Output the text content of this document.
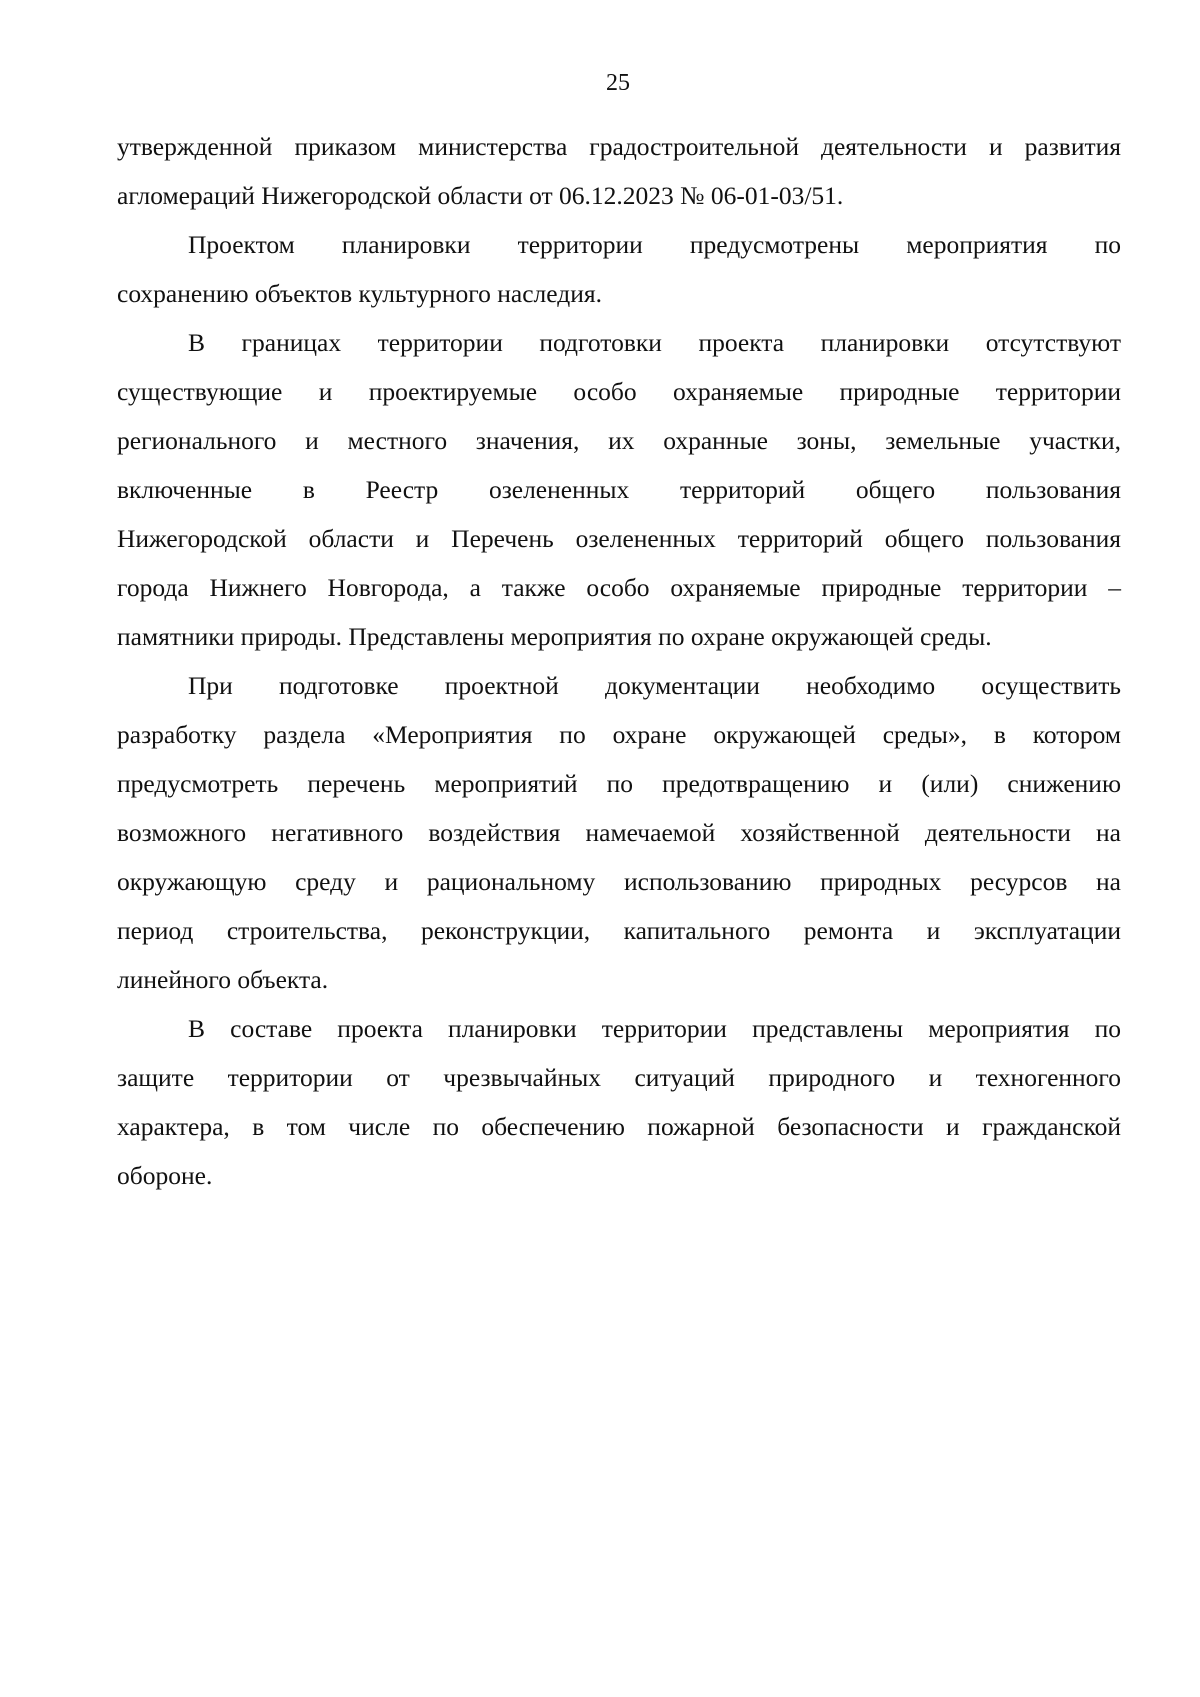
25
утвержденной приказом министерства градостроительной деятельности и развития
агломераций Нижегородской области от 06.12.2023 № 06-01-03/51.
Проектом планировки территории предусмотрены мероприятия по
сохранению объектов культурного наследия.
В границах территории подготовки проекта планировки отсутствуют
существующие и проектируемые особо охраняемые природные территории
регионального и местного значения, их охранные зоны, земельные участки,
включенные в Реестр озелененных территорий общего пользования
Нижегородской области и Перечень озелененных территорий общего пользования
города Нижнего Новгорода, а также особо охраняемые природные территории –
памятники природы. Представлены мероприятия по охране окружающей среды.
При подготовке проектной документации необходимо осуществить
разработку раздела «Мероприятия по охране окружающей среды», в котором
предусмотреть перечень мероприятий по предотвращению и (или) снижению
возможного негативного воздействия намечаемой хозяйственной деятельности на
окружающую среду и рациональному использованию природных ресурсов на
период строительства, реконструкции, капитального ремонта и эксплуатации
линейного объекта.
В составе проекта планировки территории представлены мероприятия по
защите территории от чрезвычайных ситуаций природного и техногенного
характера, в том числе по обеспечению пожарной безопасности и гражданской
обороне.
